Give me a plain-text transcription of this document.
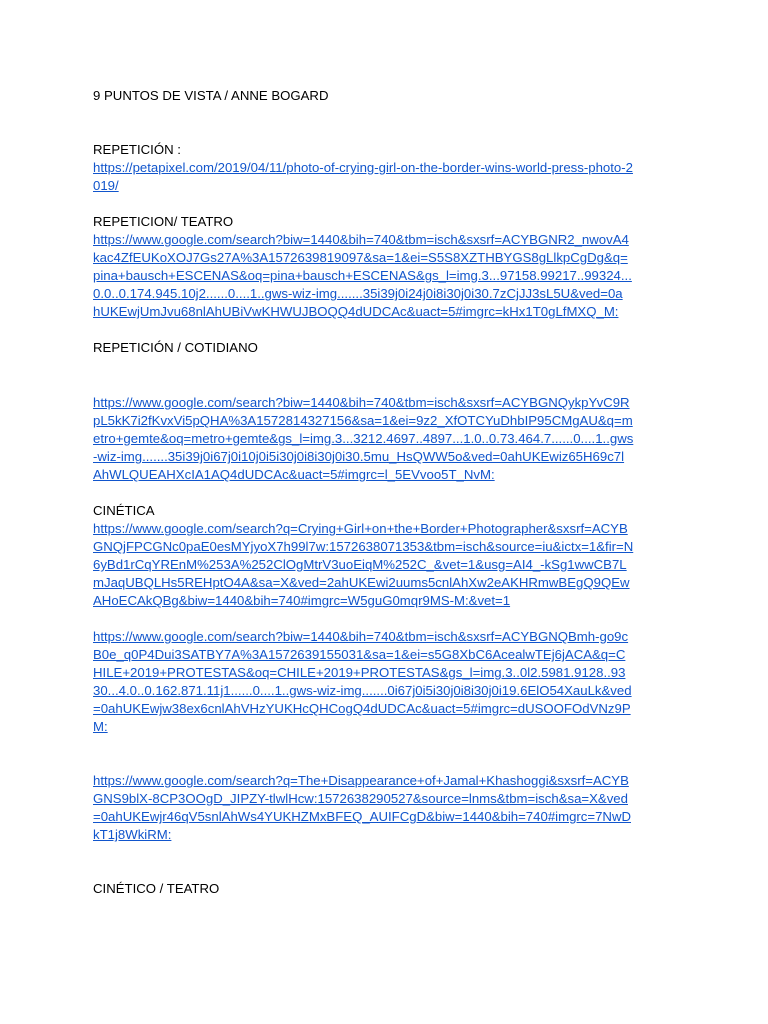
9 PUNTOS DE VISTA / ANNE BOGARD

REPETICIÓN :

https://petapixel.com/2019/04/11/photo-of-crying-girl-on-the-border-wins-world-press-photo-2
019/

REPETICION/ TEATRO

https://www.google.com/search?biw=1440&bih=740&tbm=isch&sxsrf=ACYBGNR2_nwovA4
kac4ZfEUKoXOJ7Gs27A%3A1572639819097&sa=1&ei=S5S8XZTHBYGS8gLlkpCgDg&q=
pina+bausch+ESCENAS&oq=pina+bausch+ESCENAS&gs_l=img.3...97158.99217..99324...
0.0..0.174.945.10j2......0....1..gws-wiz-img.......35i39j0i24j0i8i30j0i30.7zCjJJ3sL5U&ved=0a
hUKEwjUmJvu68nlAhUBiVwKHWUJBOQQ4dUDCAc&uact=5#imgrc=kHx1T0gLfMXQ_M:

REPETICIÓN / COTIDIANO

https://www.google.com/search?biw=1440&bih=740&tbm=isch&sxsrf=ACYBGNQykpYvC9R
pL5kK7i2fKvxVi5pQHA%3A1572814327156&sa=1&ei=9z2_XfOTCYuDhbIP95CMgAU&q=m
etro+gemte&oq=metro+gemte&gs_l=img.3...3212.4697..4897...1.0..0.73.464.7......0....1..gws
-wiz-img.......35i39j0i67j0i10j0i5i30j0i8i30j0i30.5mu_HsQWW5o&ved=0ahUKEwiz65H69c7l
AhWLQUEAHXcIA1AQ4dUDCAc&uact=5#imgrc=l_5EVvoo5T_NvM:

CINÉTICA

https://www.google.com/search?q=Crying+Girl+on+the+Border+Photographer&sxsrf=ACYB
GNQjFPCGNc0paE0esMYjyoX7h99l7w:1572638071353&tbm=isch&source=iu&ictx=1&fir=N
6yBd1rCqYREnM%253A%252ClOgMtrV3uoEiqM%252C_&vet=1&usg=AI4_-kSg1wwCB7L
mJaqUBQLHs5REHptO4A&sa=X&ved=2ahUKEwi2uums5cnlAhXw2eAKHRmwBEgQ9QEw
AHoECAkQBg&biw=1440&bih=740#imgrc=W5guG0mqr9MS-M:&vet=1
https://www.google.com/search?biw=1440&bih=740&tbm=isch&sxsrf=ACYBGNQBmh-go9c
B0e_q0P4Dui3SATBY7A%3A1572639155031&sa=1&ei=s5G8XbC6AcealwTEj6jACA&q=C
HILE+2019+PROTESTAS&oq=CHILE+2019+PROTESTAS&gs_l=img.3..0l2.5981.9128..93
30...4.0..0.162.871.11j1......0....1..gws-wiz-img.......0i67j0i5i30j0i8i30j0i19.6ElO54XauLk&ved
=0ahUKEwjw38ex6cnlAhVHzYUKHcQHCogQ4dUDCAc&uact=5#imgrc=dUSOOFOdVNz9P
M:
https://www.google.com/search?q=The+Disappearance+of+Jamal+Khashoggi&sxsrf=ACYB
GNS9blX-8CP3OOgD_JIPZY-tlwlHcw:1572638290527&source=lnms&tbm=isch&sa=X&ved
=0ahUKEwjr46qV5snlAhWs4YUKHZMxBFEQ_AUIFCgD&biw=1440&bih=740#imgrc=7NwD
kT1j8WkiRM:

CINÉTICO / TEATRO
